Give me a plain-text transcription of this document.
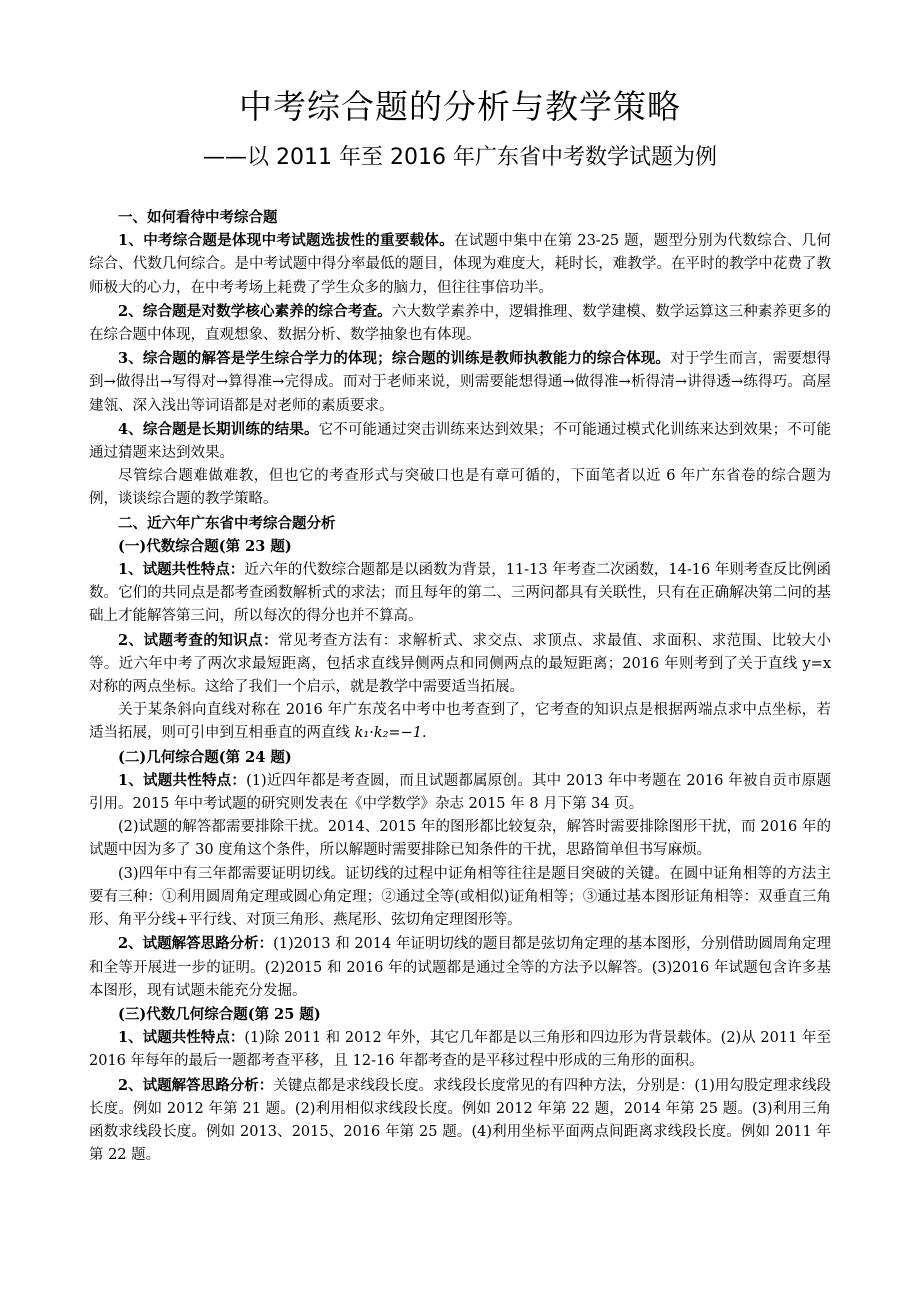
中考综合题的分析与教学策略
——以 2011 年至 2016 年广东省中考数学试题为例

一、如何看待中考综合题

1、中考综合题是体现中考试题选拔性的重要载体。在试题中集中在第 23-25 题，题型分别为代数综合、几何综合、代数几何综合。是中考试题中得分率最低的题目，体现为难度大，耗时长，难教学。在平时的教学中花费了教师极大的心力，在中考考场上耗费了学生众多的脑力，但往往事倍功半。

2、综合题是对数学核心素养的综合考查。六大数学素养中，逻辑推理、数学建模、数学运算这三种素养更多的在综合题中体现，直观想象、数据分析、数学抽象也有体现。

3、综合题的解答是学生综合学力的体现；综合题的训练是教师执教能力的综合体现。对于学生而言，需要想得到→做得出→写得对→算得准→完得成。而对于老师来说，则需要能想得通→做得准→析得清→讲得透→练得巧。高屋建瓴、深入浅出等词语都是对老师的素质要求。

4、综合题是长期训练的结果。它不可能通过突击训练来达到效果；不可能通过模式化训练来达到效果；不可能通过猜题来达到效果。

尽管综合题难做难教，但也它的考查形式与突破口也是有章可循的，下面笔者以近 6 年广东省卷的综合题为例，谈谈综合题的教学策略。

二、近六年广东省中考综合题分析

(一)代数综合题(第 23 题)

1、试题共性特点：近六年的代数综合题都是以函数为背景，11-13 年考查二次函数，14-16 年则考查反比例函数。它们的共同点是都考查函数解析式的求法；而且每年的第二、三两问都具有关联性，只有在正确解决第二问的基础上才能解答第三问，所以每次的得分也并不算高。

2、试题考查的知识点：常见考查方法有：求解析式、求交点、求顶点、求最值、求面积、求范围、比较大小等。近六年中考了两次求最短距离，包括求直线异侧两点和同侧两点的最短距离；2016 年则考到了关于直线 y=x 对称的两点坐标。这给了我们一个启示，就是教学中需要适当拓展。

关于某条斜向直线对称在 2016 年广东茂名中考中也考查到了，它考查的知识点是根据两端点求中点坐标，若适当拓展，则可引申到互相垂直的两直线 k₁·k₂=−1.

(二)几何综合题(第 24 题)

1、试题共性特点：(1)近四年都是考查圆，而且试题都属原创。其中 2013 年中考题在 2016 年被自贡市原题引用。2015 年中考试题的研究则发表在《中学数学》杂志 2015 年 8 月下第 34 页。

(2)试题的解答都需要排除干扰。2014、2015 年的图形都比较复杂，解答时需要排除图形干扰，而 2016 年的试题中因为多了 30 度角这个条件，所以解题时需要排除已知条件的干扰，思路简单但书写麻烦。

(3)四年中有三年都需要证明切线。证切线的过程中证角相等往往是题目突破的关键。在圆中证角相等的方法主要有三种：①利用圆周角定理或圆心角定理；②通过全等(或相似)证角相等；③通过基本图形证角相等：双垂直三角形、角平分线+平行线、对顶三角形、燕尾形、弦切角定理图形等。

2、试题解答思路分析：(1)2013 和 2014 年证明切线的题目都是弦切角定理的基本图形，分别借助圆周角定理和全等开展进一步的证明。(2)2015 和 2016 年的试题都是通过全等的方法予以解答。(3)2016 年试题包含许多基本图形，现有试题未能充分发掘。

(三)代数几何综合题(第 25 题)

1、试题共性特点：(1)除 2011 和 2012 年外，其它几年都是以三角形和四边形为背景载体。(2)从 2011 年至 2016 年每年的最后一题都考查平移，且 12-16 年都考查的是平移过程中形成的三角形的面积。

2、试题解答思路分析：关键点都是求线段长度。求线段长度常见的有四种方法，分别是：(1)用勾股定理求线段长度。例如 2012 年第 21 题。(2)利用相似求线段长度。例如 2012 年第 22 题，2014 年第 25 题。(3)利用三角函数求线段长度。例如 2013、2015、2016 年第 25 题。(4)利用坐标平面两点间距离求线段长度。例如 2011 年第 22 题。
